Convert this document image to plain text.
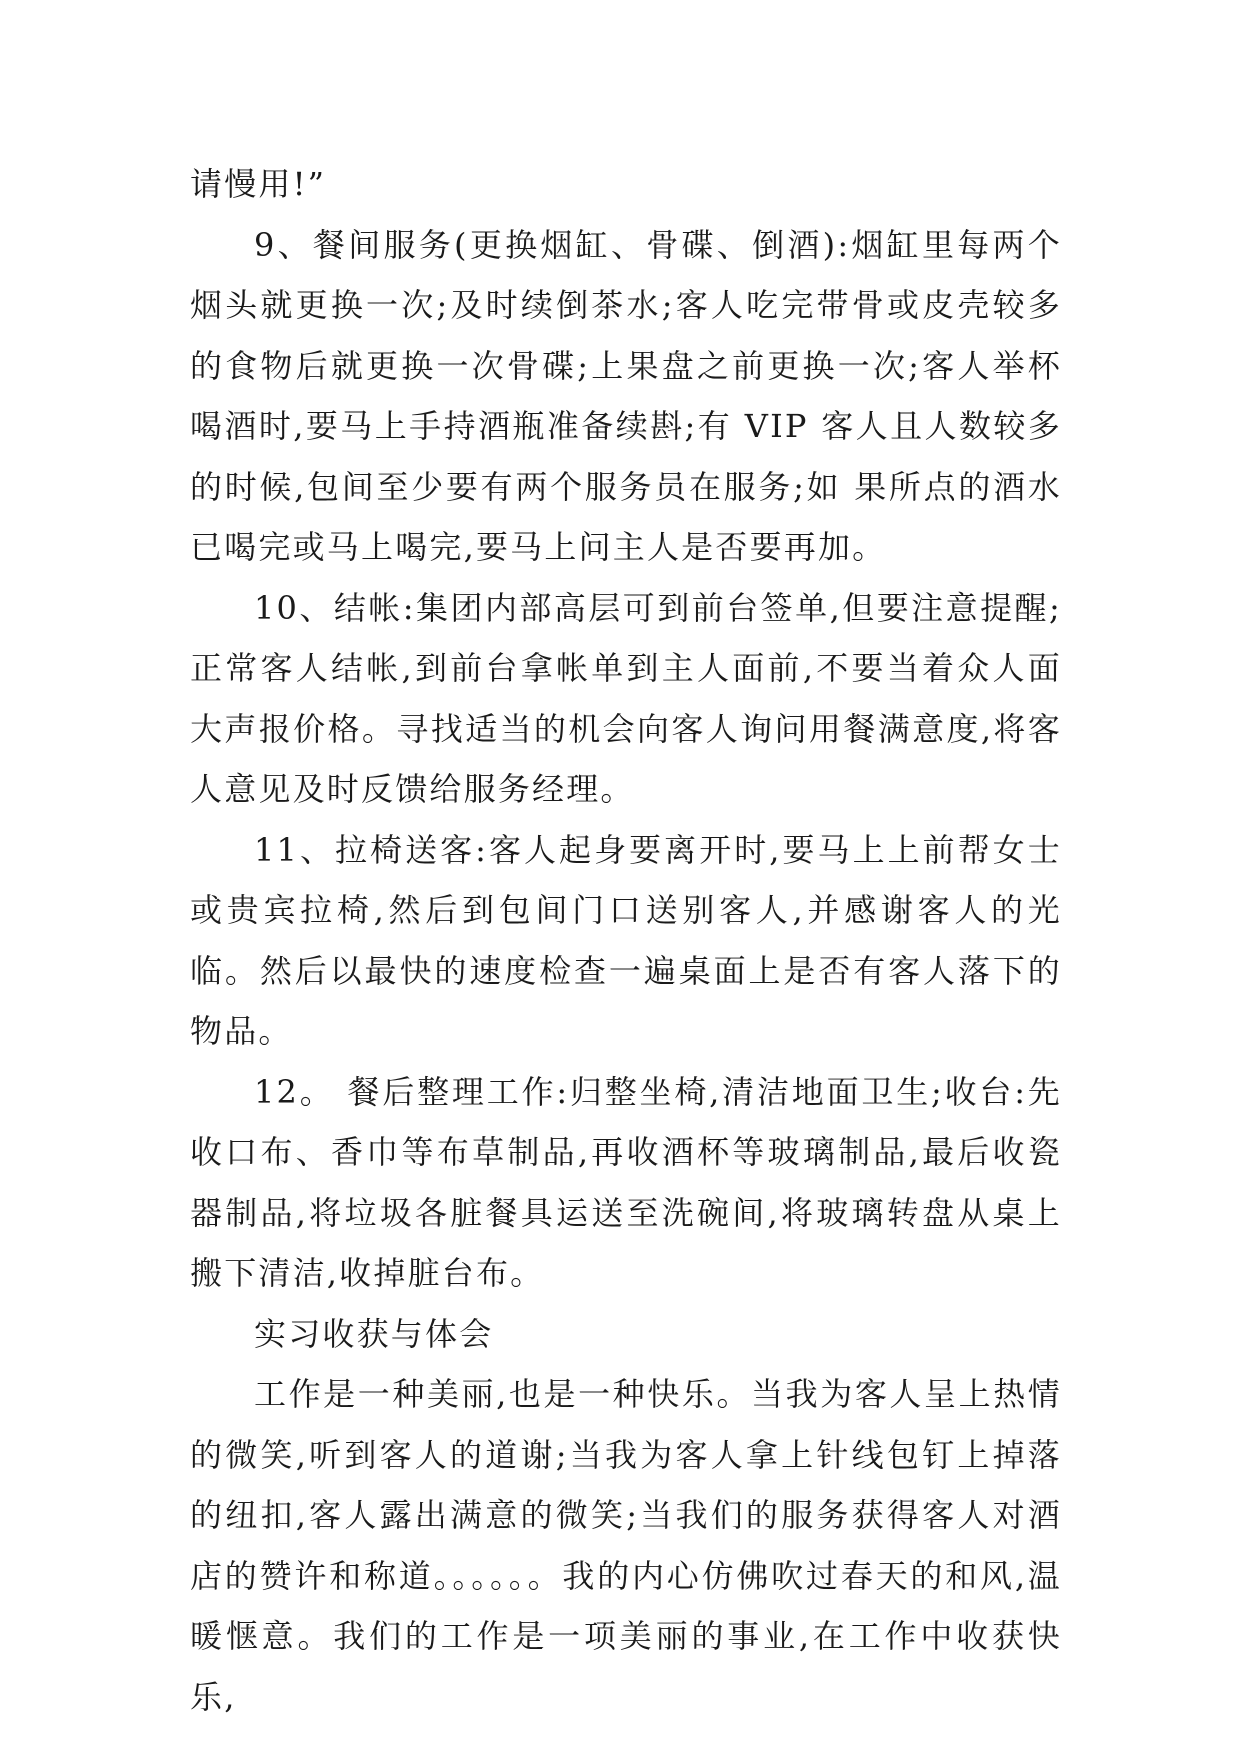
请慢用!”

9、餐间服务(更换烟缸、骨碟、倒酒):烟缸里每两个烟头就更换一次;及时续倒茶水;客人吃完带骨或皮壳较多的食物后就更换一次骨碟;上果盘之前更换一次;客人举杯喝酒时,要马上手持酒瓶准备续斟;有 VIP 客人且人数较多的时候,包间至少要有两个服务员在服务;如 果所点的酒水已喝完或马上喝完,要马上问主人是否要再加。

10、结帐:集团内部高层可到前台签单,但要注意提醒;正常客人结帐,到前台拿帐单到主人面前,不要当着众人面大声报价格。寻找适当的机会向客人询问用餐满意度,将客人意见及时反馈给服务经理。

11、拉椅送客:客人起身要离开时,要马上上前帮女士或贵宾拉椅,然后到包间门口送别客人,并感谢客人的光临。然后以最快的速度检查一遍桌面上是否有客人落下的物品。

12。 餐后整理工作:归整坐椅,清洁地面卫生;收台:先收口布、香巾等布草制品,再收酒杯等玻璃制品,最后收瓷器制品,将垃圾各脏餐具运送至洗碗间,将玻璃转盘从桌上搬下清洁,收掉脏台布。

实习收获与体会

工作是一种美丽,也是一种快乐。当我为客人呈上热情的微笑,听到客人的道谢;当我为客人拿上针线包钉上掉落的纽扣,客人露出满意的微笑;当我们的服务获得客人对酒店的赞许和称道。。。。。。我的内心仿佛吹过春天的和风,温暖惬意。我们的工作是一项美丽的事业,在工作中收获快乐,
